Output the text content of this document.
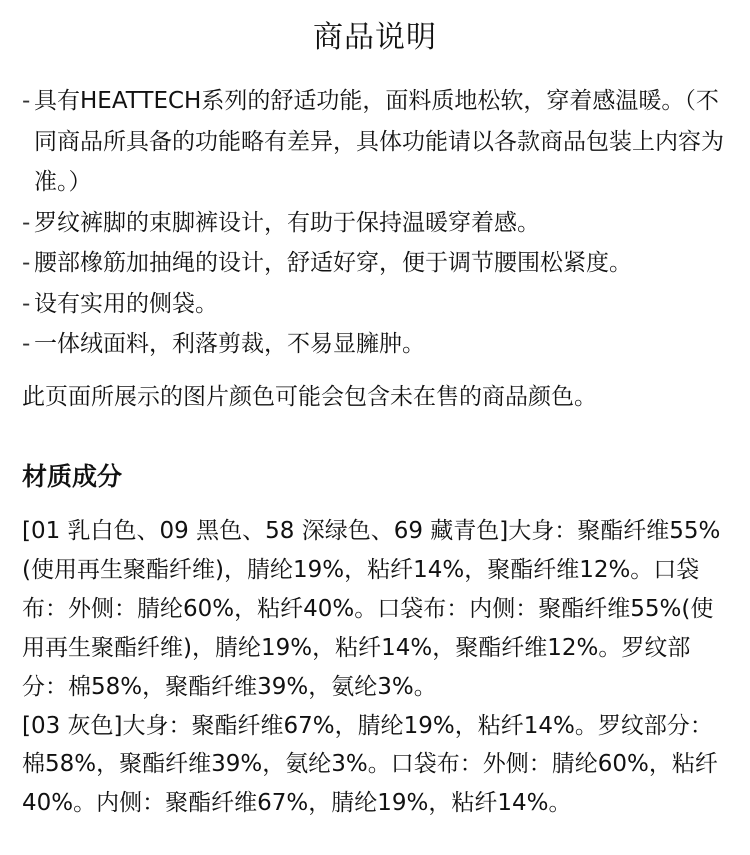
商品说明
- 具有HEATTECH系列的舒适功能，面料质地松软，穿着感温暖。（不同商品所具备的功能略有差异，具体功能请以各款商品包装上内容为准。）
- 罗纹裤脚的束脚裤设计，有助于保持温暖穿着感。
- 腰部橡筋加抽绳的设计，舒适好穿，便于调节腰围松紧度。
- 设有实用的侧袋。
- 一体绒面料，利落剪裁，不易显臃肿。
此页面所展示的图片颜色可能会包含未在售的商品颜色。
材质成分

[01 乳白色、09 黑色、58 深绿色、69 藏青色]大身：聚酯纤维55%(使用再生聚酯纤维)，腈纶19%，粘纤14%，聚酯纤维12%。口袋布：外侧：腈纶60%，粘纤40%。口袋布：内侧：聚酯纤维55%(使用再生聚酯纤维)，腈纶19%，粘纤14%，聚酯纤维12%。罗纹部分：棉58%，聚酯纤维39%，氨纶3%。

[03 灰色]大身：聚酯纤维67%，腈纶19%，粘纤14%。罗纹部分：棉58%，聚酯纤维39%，氨纶3%。口袋布：外侧：腈纶60%，粘纤40%。内侧：聚酯纤维67%，腈纶19%，粘纤14%。
